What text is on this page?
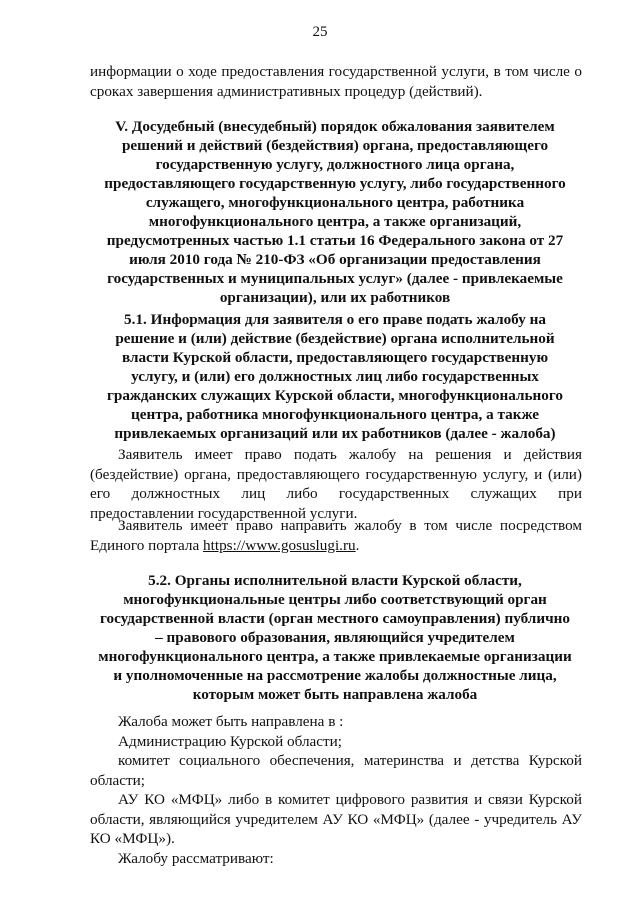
25

информации о ходе предоставления государственной услуги, в том числе о сроках завершения административных процедур (действий).

V. Досудебный (внесудебный) порядок обжалования заявителем решений и действий (бездействия) органа, предоставляющего государственную услугу, должностного лица органа, предоставляющего государственную услугу, либо государственного служащего, многофункционального центра, работника многофункционального центра, а также организаций, предусмотренных частью 1.1 статьи 16 Федерального закона от 27 июля 2010 года № 210-ФЗ «Об организации предоставления государственных и муниципальных услуг» (далее - привлекаемые организации), или их работников

5.1. Информация для заявителя о его праве подать жалобу на решение и (или) действие (бездействие) органа исполнительной власти Курской области, предоставляющего государственную услугу, и (или) его должностных лиц либо государственных гражданских служащих Курской области, многофункционального центра, работника многофункционального центра, а также привлекаемых организаций или их работников (далее - жалоба)

Заявитель имеет право подать жалобу на решения и действия (бездействие) органа, предоставляющего государственную услугу, и (или) его должностных лиц либо государственных служащих при предоставлении государственной услуги.

Заявитель имеет право направить жалобу в том числе посредством Единого портала https://www.gosuslugi.ru.

5.2. Органы исполнительной власти Курской области, многофункциональные центры либо соответствующий орган государственной власти (орган местного самоуправления) публично – правового образования, являющийся учредителем многофункционального центра, а также привлекаемые организации и уполномоченные на рассмотрение жалобы должностные лица, которым может быть направлена жалоба

Жалоба может быть направлена в :

Администрацию Курской области;

комитет социального обеспечения, материнства и детства Курской области;

АУ КО «МФЦ» либо в комитет цифрового развития и связи Курской области, являющийся учредителем АУ КО «МФЦ» (далее - учредитель АУ КО «МФЦ»).

Жалобу рассматривают:
